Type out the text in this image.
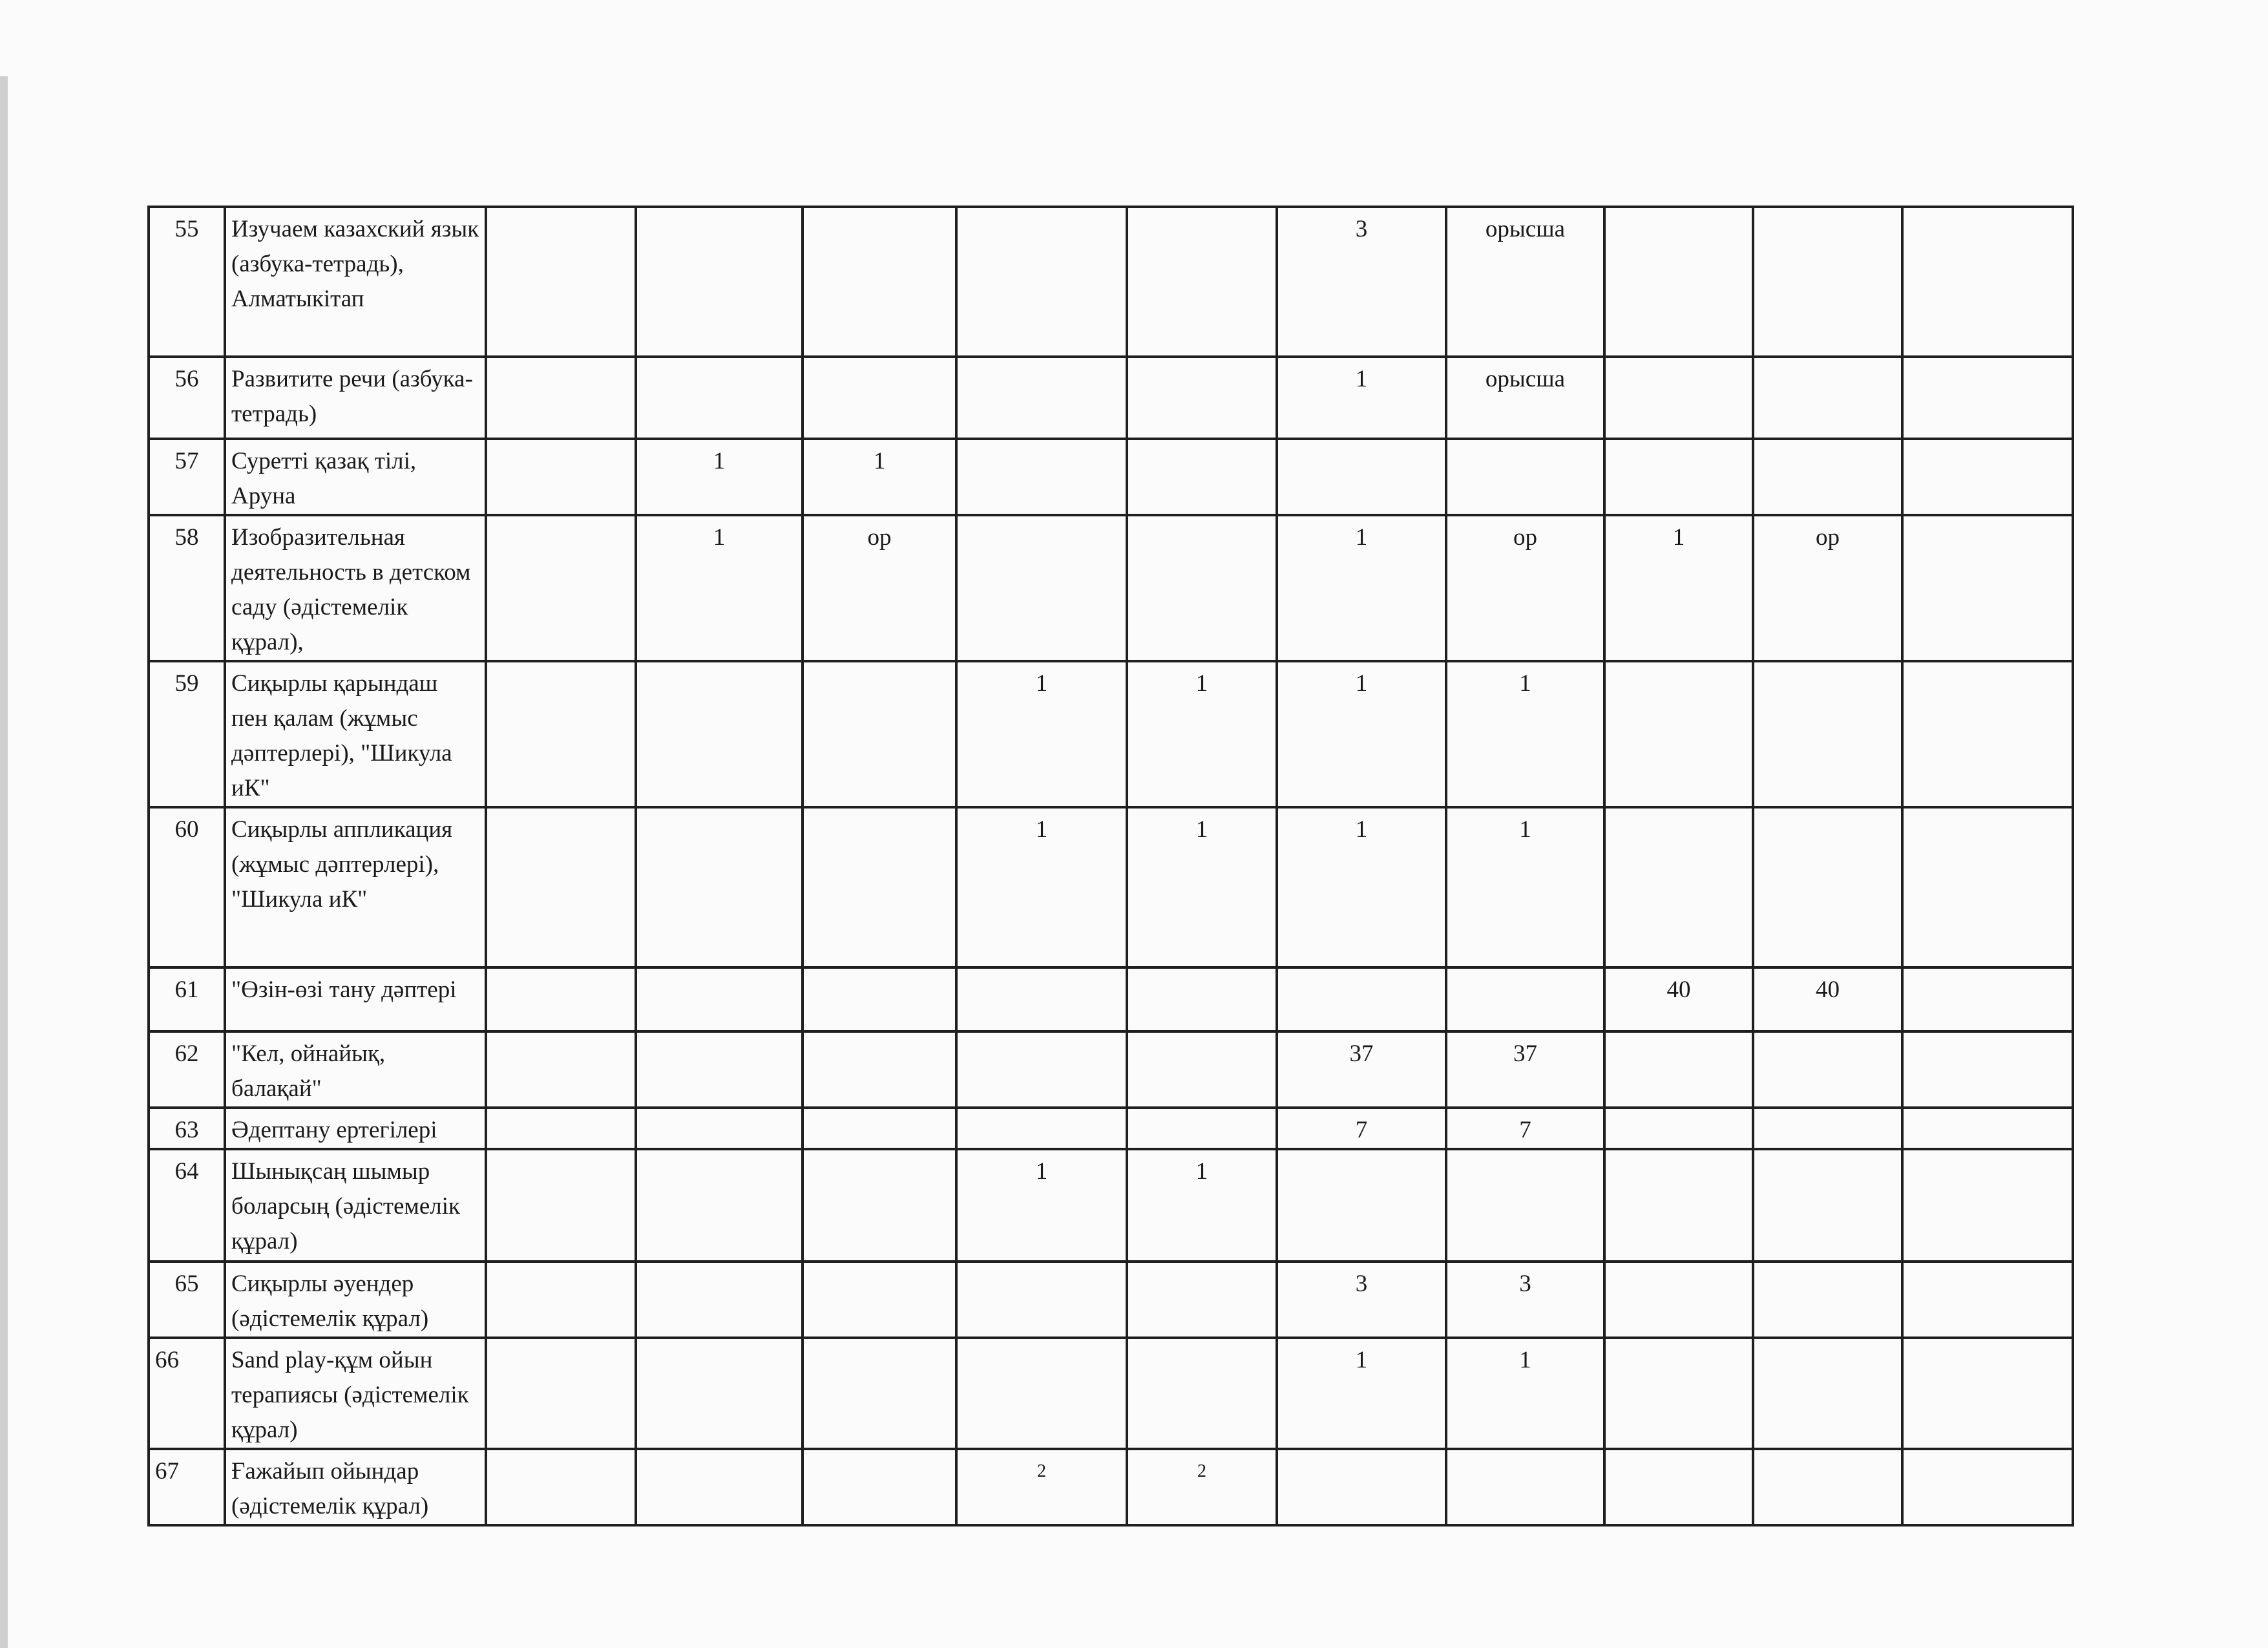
55	Изучаем казахский язык (азбука-тетрадь), Алматыкітап						3	орысша			
56	Развитите речи (азбука-тетрадь)						1	орысша			
57	Суретті қазақ тілі, Аруна		1	1							
58	Изобразительная деятельность в детском саду (әдістемелік құрал),		1	ор			1	ор	1	ор	
59	Сиқырлы қарындаш пен қалам (жұмыс дәптерлері), "Шикула иК"				1	1	1	1			
60	Сиқырлы аппликация (жұмыс дәптерлері), "Шикула иК"				1	1	1	1			
61	"Өзін-өзі тану дәптері								40	40	
62	"Кел, ойнайық, балақай"						37	37			
63	Әдептану ертегілері						7	7			
64	Шынықсаң шымыр боларсың (әдістемелік құрал)				1	1					
65	Сиқырлы әуендер (әдістемелік құрал)						3	3			
66	Sand play-құм ойын терапиясы (әдістемелік құрал)						1	1			
67	Ғажайып ойындар (әдістемелік құрал)				2	2					
